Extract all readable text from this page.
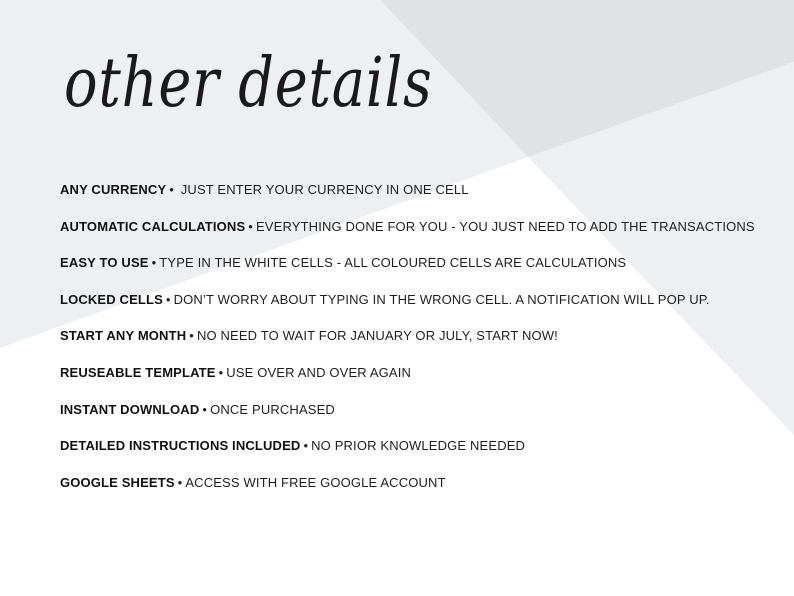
other details
ANY CURRENCY • JUST ENTER YOUR CURRENCY IN ONE CELL
AUTOMATIC CALCULATIONS • EVERYTHING DONE FOR YOU - YOU JUST NEED TO ADD THE TRANSACTIONS
EASY TO USE • TYPE IN THE WHITE CELLS - ALL COLOURED CELLS ARE CALCULATIONS
LOCKED CELLS • DON’T WORRY ABOUT TYPING IN THE WRONG CELL. A NOTIFICATION WILL POP UP.
START ANY MONTH • NO NEED TO WAIT FOR JANUARY OR JULY, START NOW!
REUSEABLE TEMPLATE • USE OVER AND OVER AGAIN
INSTANT DOWNLOAD • ONCE PURCHASED
DETAILED INSTRUCTIONS INCLUDED • NO PRIOR KNOWLEDGE NEEDED
GOOGLE SHEETS • ACCESS WITH FREE GOOGLE ACCOUNT
